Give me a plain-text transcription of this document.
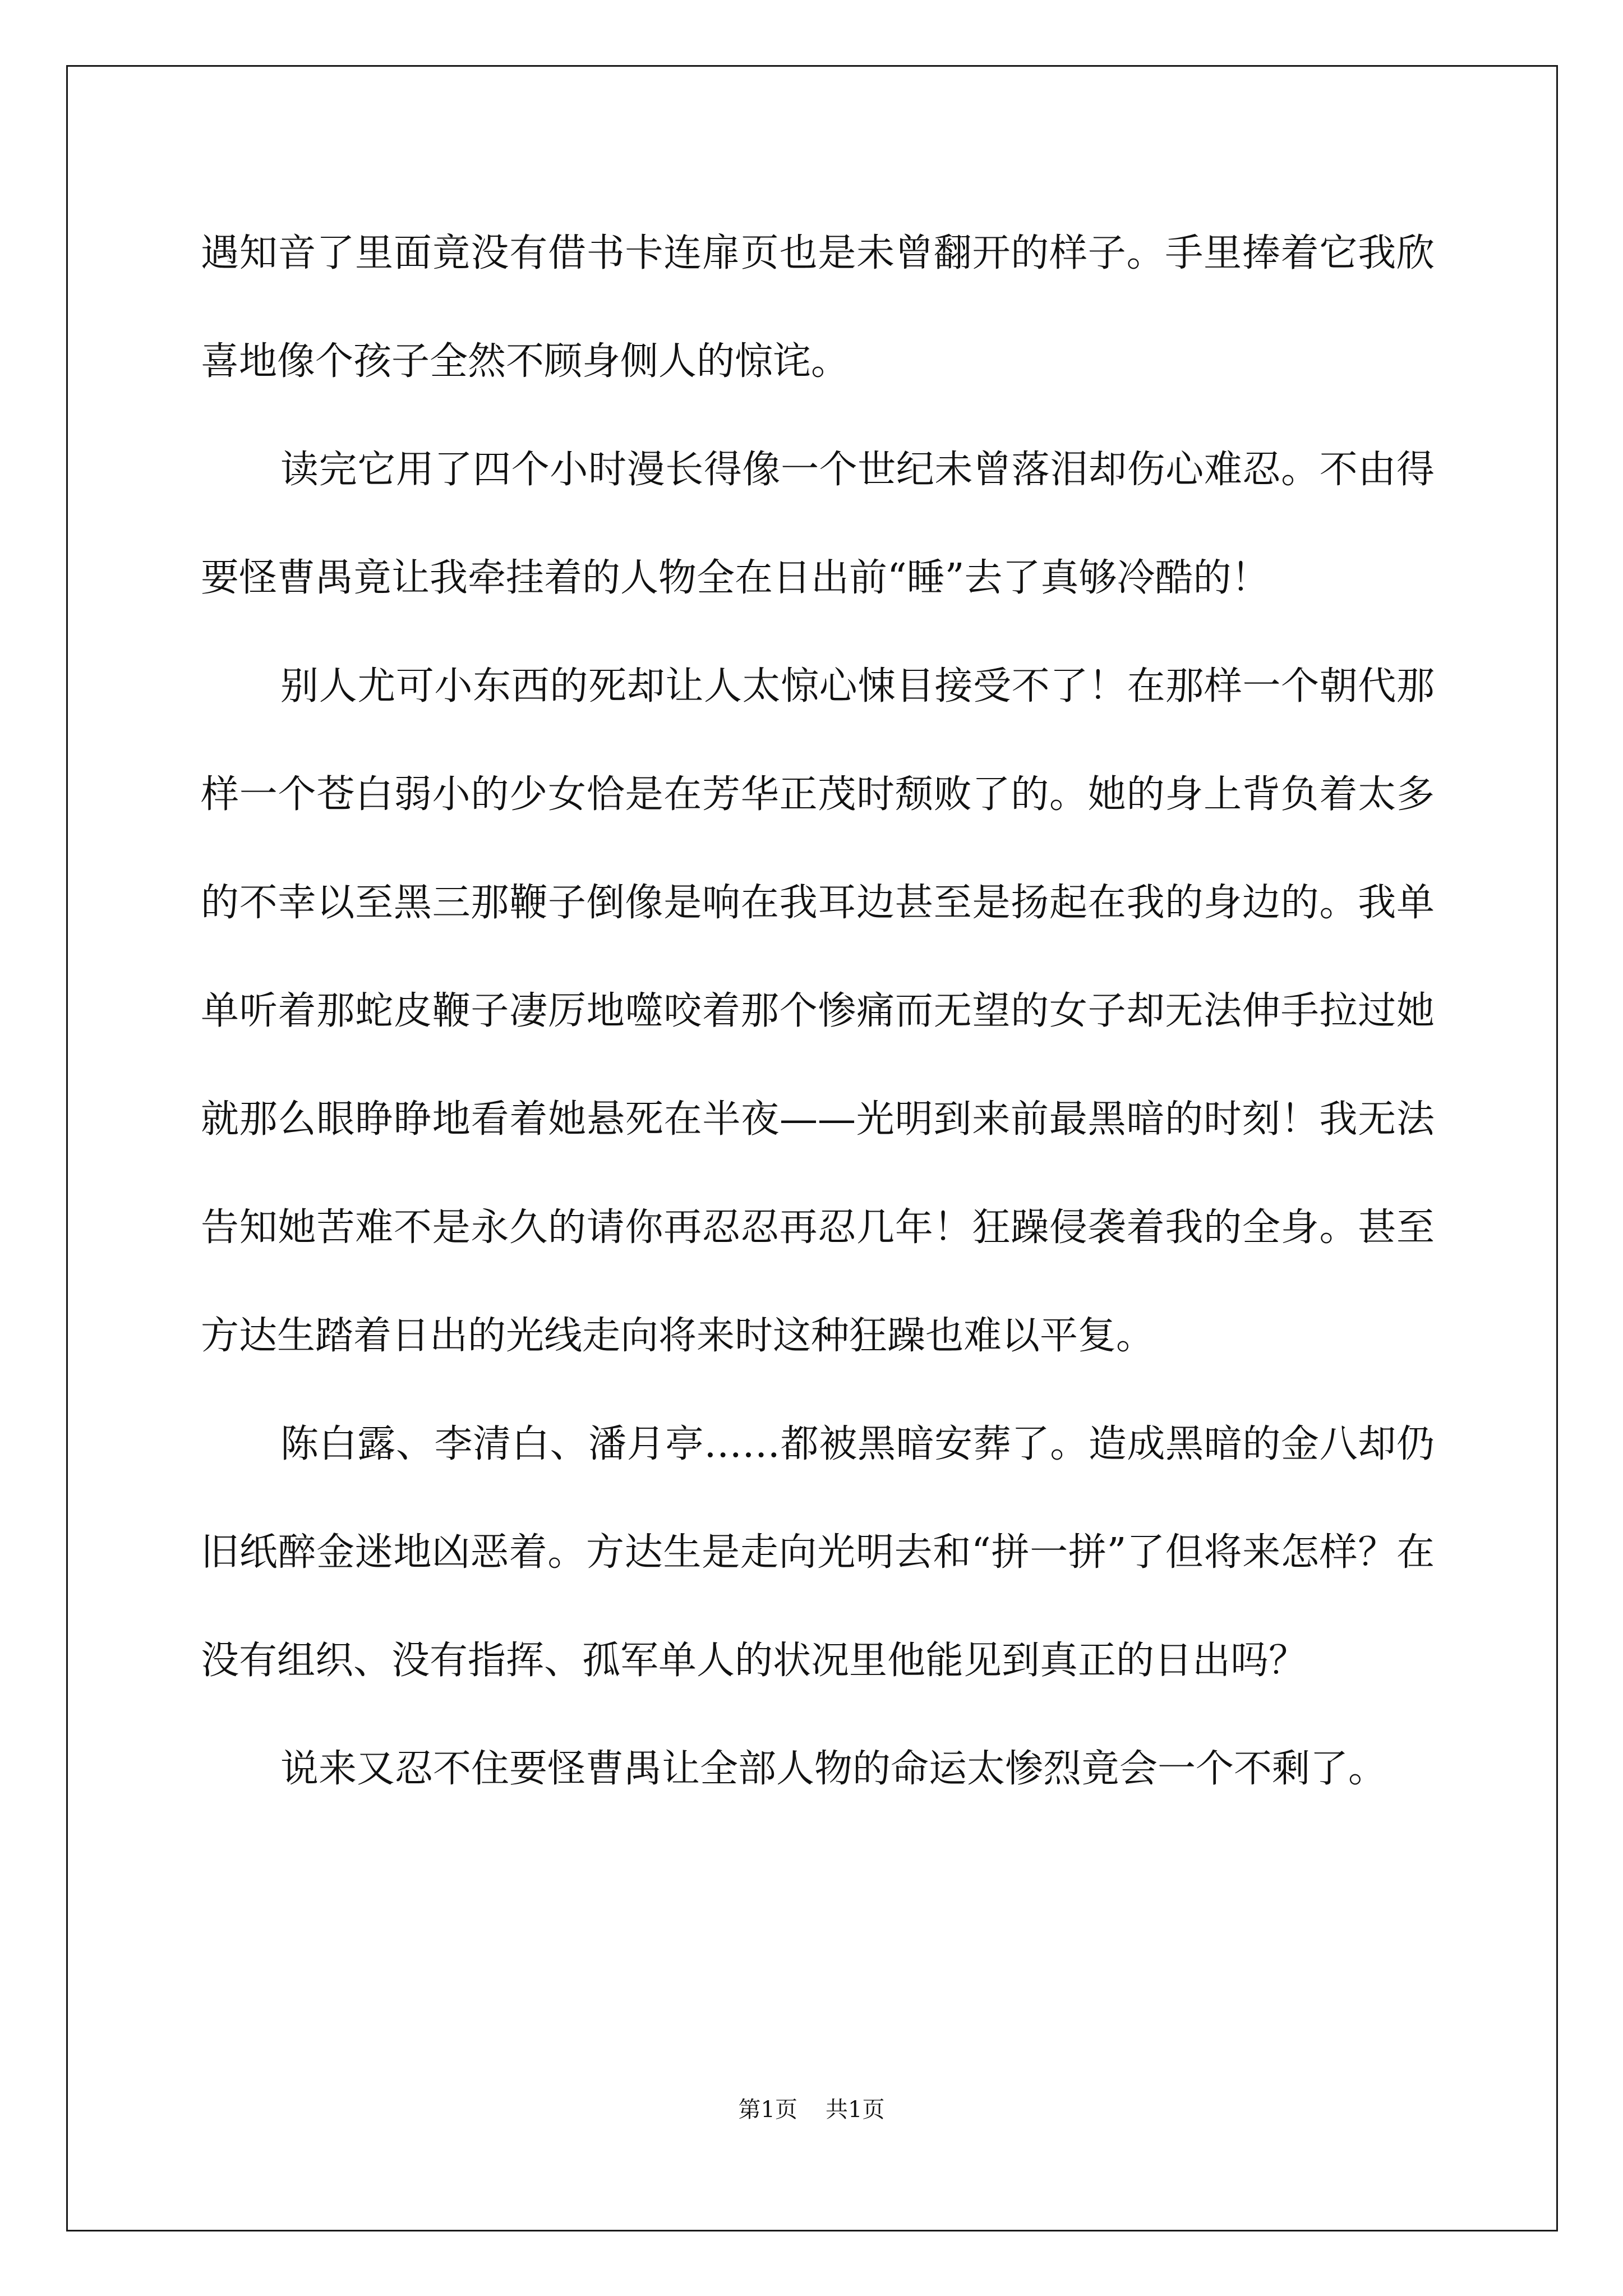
遇知音了里面竟没有借书卡连扉页也是未曾翻开的样子。手里捧着它我欣喜地像个孩子全然不顾身侧人的惊诧。

读完它用了四个小时漫长得像一个世纪未曾落泪却伤心难忍。不由得要怪曹禺竟让我牵挂着的人物全在日出前“睡”去了真够冷酷的！

别人尤可小东西的死却让人太惊心悚目接受不了！在那样一个朝代那样一个苍白弱小的少女恰是在芳华正茂时颓败了的。她的身上背负着太多的不幸以至黑三那鞭子倒像是响在我耳边甚至是扬起在我的身边的。我单单听着那蛇皮鞭子凄厉地噬咬着那个惨痛而无望的女子却无法伸手拉过她就那么眼睁睁地看着她悬死在半夜——光明到来前最黑暗的时刻！我无法告知她苦难不是永久的请你再忍忍再忍几年！狂躁侵袭着我的全身。甚至方达生踏着日出的光线走向将来时这种狂躁也难以平复。

陈白露、李清白、潘月亭……都被黑暗安葬了。造成黑暗的金八却仍旧纸醉金迷地凶恶着。方达生是走向光明去和“拼一拼”了但将来怎样？在没有组织、没有指挥、孤军单人的状况里他能见到真正的日出吗？

说来又忍不住要怪曹禺让全部人物的命运太惨烈竟会一个不剩了。

第1页 共1页
